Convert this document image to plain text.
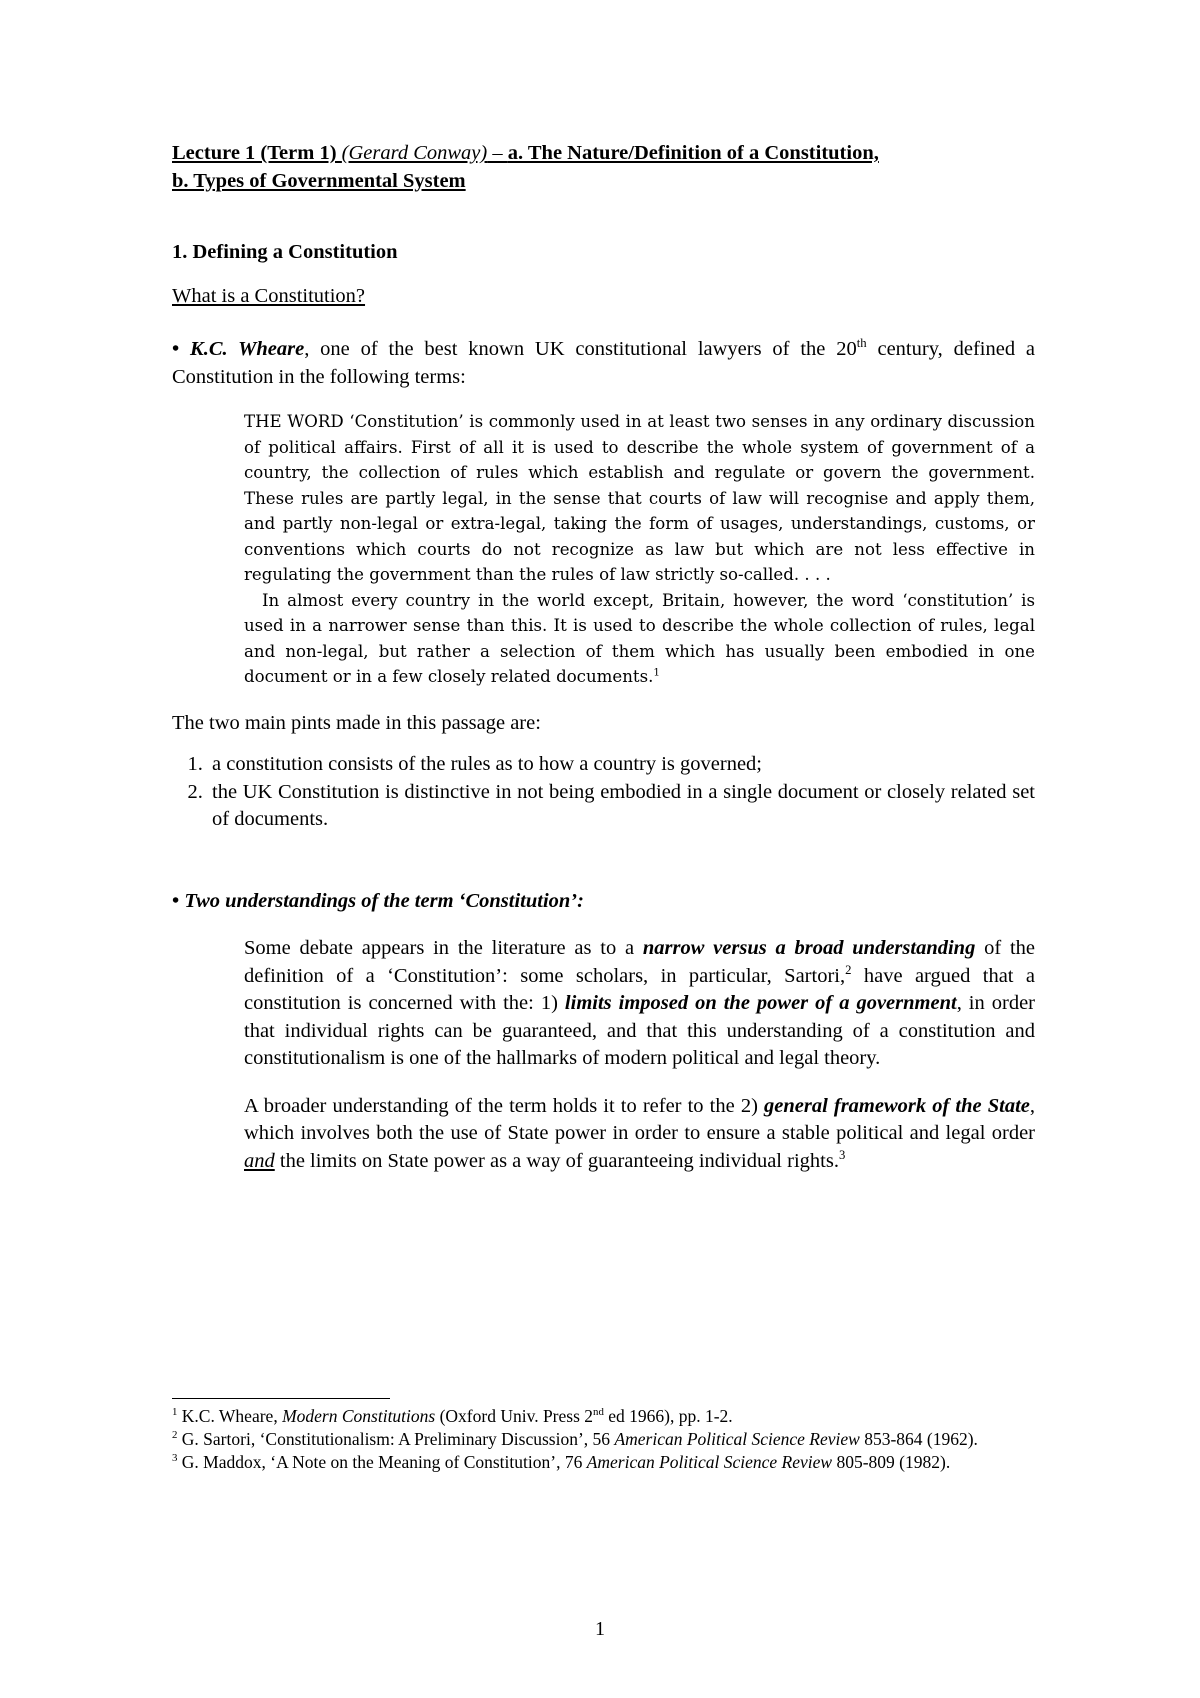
Lecture 1 (Term 1) (Gerard Conway) – a. The Nature/Definition of a Constitution,
b. Types of Governmental System

1. Defining a Constitution

What is a Constitution?

• K.C. Wheare, one of the best known UK constitutional lawyers of the 20th century, defined a Constitution in the following terms:

THE WORD ‘Constitution’ is commonly used in at least two senses in any ordinary discussion of political affairs. First of all it is used to describe the whole system of government of a country, the collection of rules which establish and regulate or govern the government. These rules are partly legal, in the sense that courts of law will recognise and apply them, and partly non-legal or extra-legal, taking the form of usages, understandings, customs, or conventions which courts do not recognize as law but which are not less effective in regulating the government than the rules of law strictly so-called. . . .

In almost every country in the world except, Britain, however, the word ‘constitution’ is used in a narrower sense than this. It is used to describe the whole collection of rules, legal and non-legal, but rather a selection of them which has usually been embodied in one document or in a few closely related documents.$^1$

The two main pints made in this passage are:

1. a constitution consists of the rules as to how a country is governed;
2. the UK Constitution is distinctive in not being embodied in a single document or closely related set of documents.

• Two understandings of the term ‘Constitution’:

Some debate appears in the literature as to a narrow versus a broad understanding of the definition of a ‘Constitution’: some scholars, in particular, Sartori,$^2$ have argued that a constitution is concerned with the: 1) limits imposed on the power of a government, in order that individual rights can be guaranteed, and that this understanding of a constitution and constitutionalism is one of the hallmarks of modern political and legal theory.

A broader understanding of the term holds it to refer to the 2) general framework of the State, which involves both the use of State power in order to ensure a stable political and legal order and the limits on State power as a way of guaranteeing individual rights.$^3$

$^1$ K.C. Wheare, Modern Constitutions (Oxford Univ. Press 2nd ed 1966), pp. 1-2.

$^2$ G. Sartori, ‘Constitutionalism: A Preliminary Discussion’, 56 American Political Science Review 853-864 (1962).

$^3$ G. Maddox, ‘A Note on the Meaning of Constitution’, 76 American Political Science Review 805-809 (1982).

1
